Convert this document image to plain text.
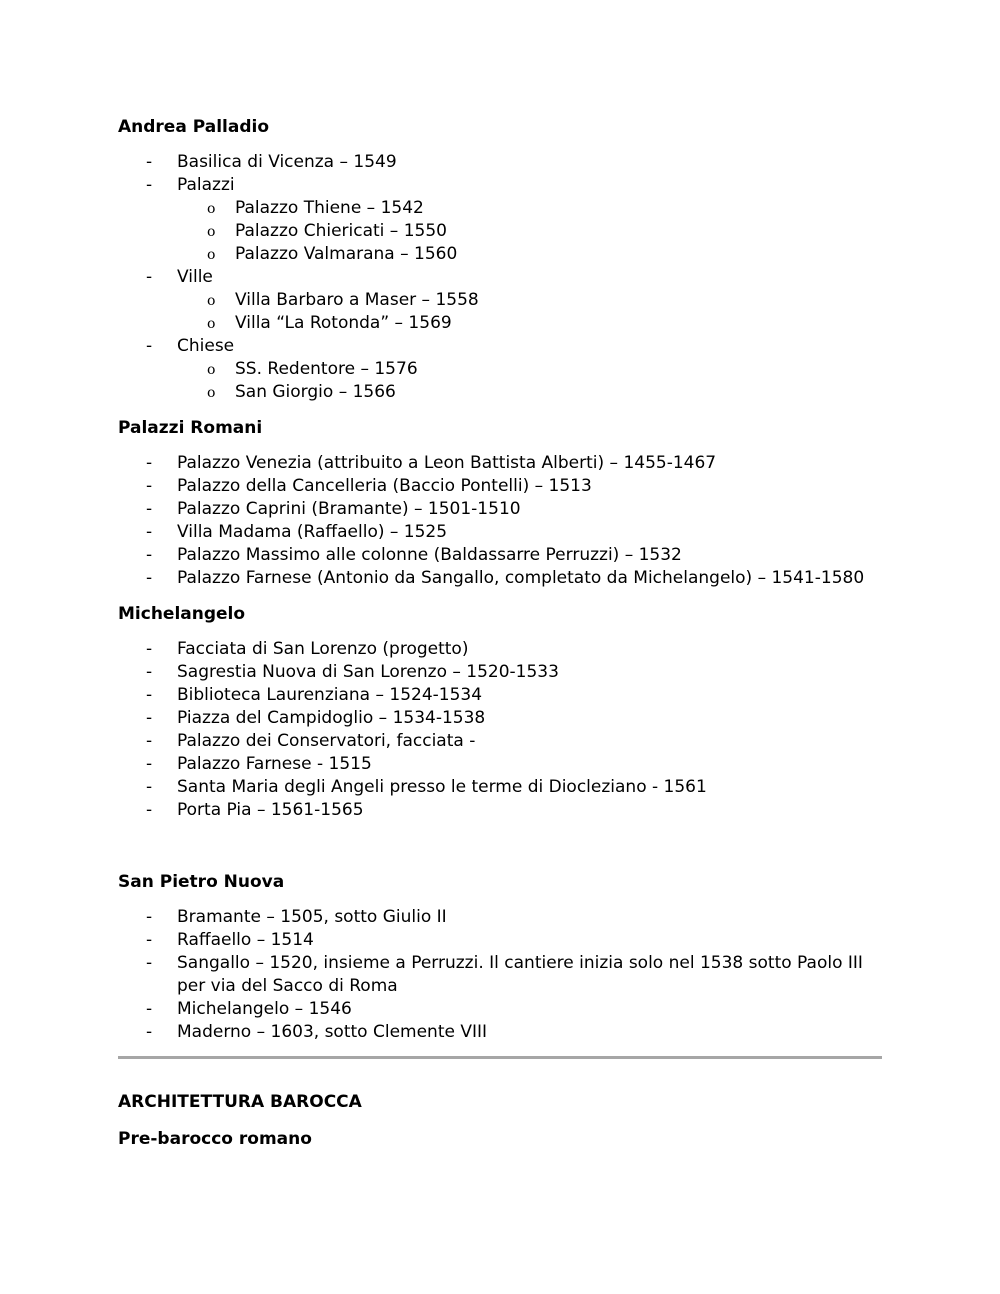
Andrea Palladio
- Basilica di Vicenza – 1549
- Palazzi
o Palazzo Thiene – 1542
o Palazzo Chiericati – 1550
o Palazzo Valmarana – 1560
- Ville
o Villa Barbaro a Maser – 1558
o Villa “La Rotonda” – 1569
- Chiese
o SS. Redentore – 1576
o San Giorgio – 1566
Palazzi Romani
- Palazzo Venezia (attribuito a Leon Battista Alberti) – 1455-1467
- Palazzo della Cancelleria (Baccio Pontelli) – 1513
- Palazzo Caprini (Bramante) – 1501-1510
- Villa Madama (Raffaello) – 1525
- Palazzo Massimo alle colonne (Baldassarre Perruzzi) – 1532
- Palazzo Farnese (Antonio da Sangallo, completato da Michelangelo) – 1541-1580
Michelangelo
- Facciata di San Lorenzo (progetto)
- Sagrestia Nuova di San Lorenzo – 1520-1533
- Biblioteca Laurenziana – 1524-1534
- Piazza del Campidoglio – 1534-1538
- Palazzo dei Conservatori, facciata -
- Palazzo Farnese - 1515
- Santa Maria degli Angeli presso le terme di Diocleziano - 1561
- Porta Pia – 1561-1565
San Pietro Nuova
- Bramante – 1505, sotto Giulio II
- Raffaello – 1514
- Sangallo – 1520, insieme a Perruzzi. Il cantiere inizia solo nel 1538 sotto Paolo III per via del Sacco di Roma
- Michelangelo – 1546
- Maderno – 1603, sotto Clemente VIII
ARCHITETTURA BAROCCA
Pre-barocco romano
